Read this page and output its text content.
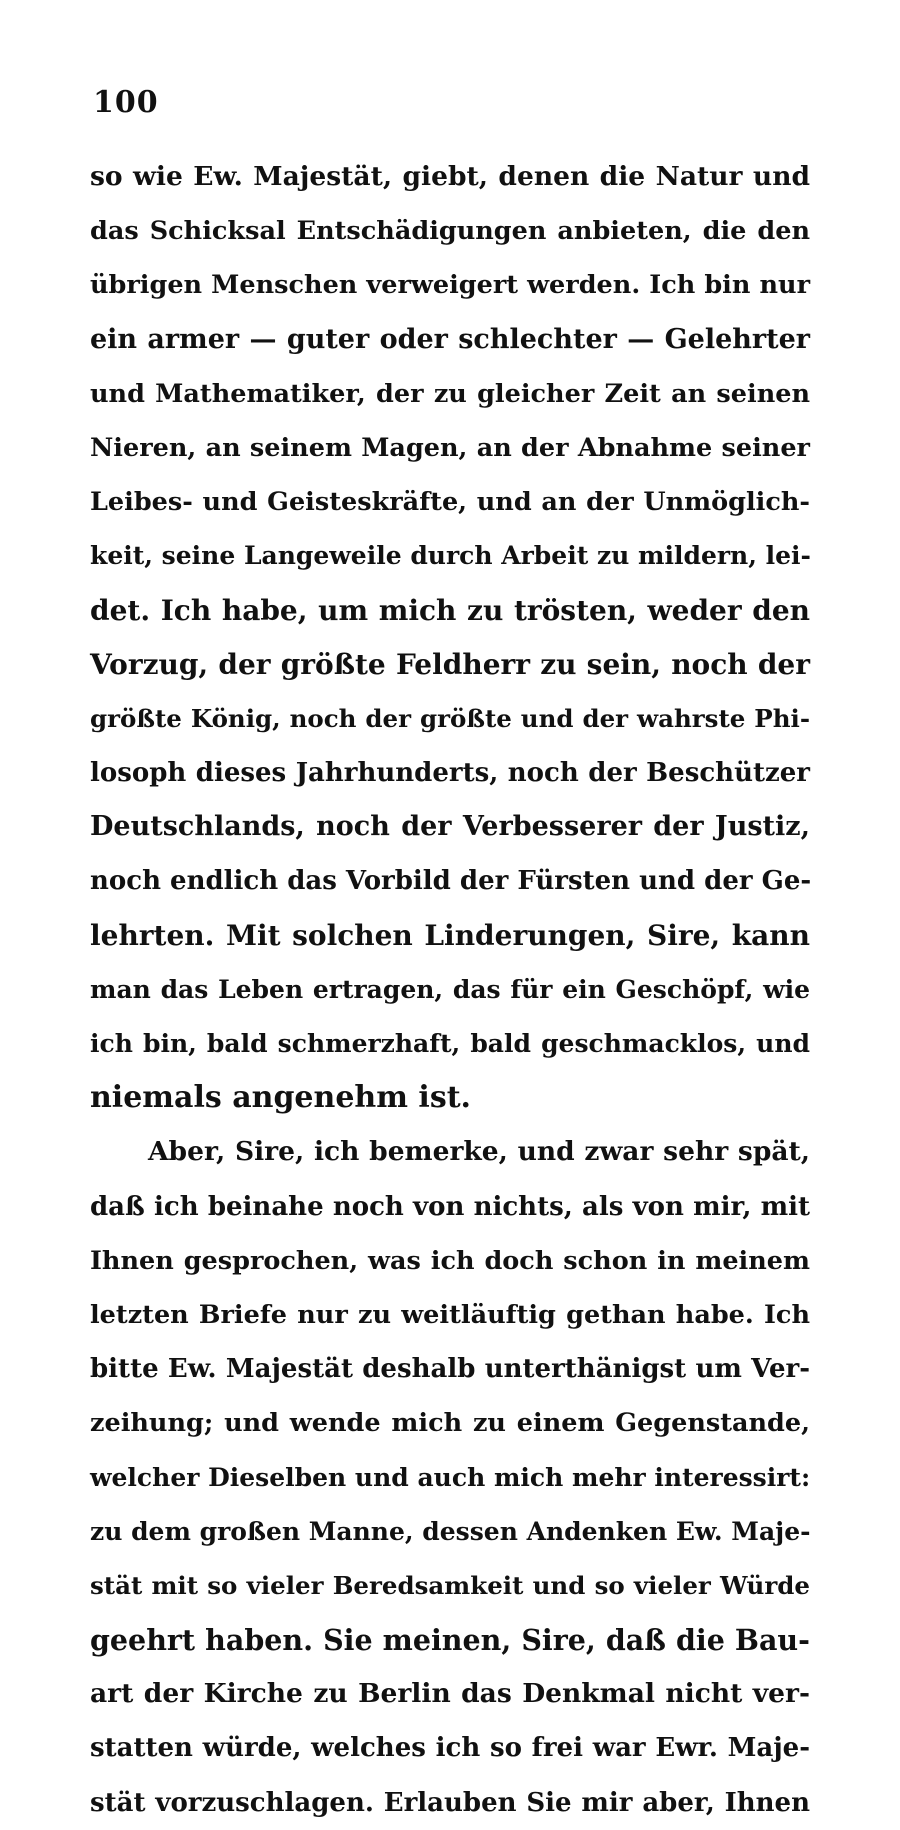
100
so wie Ew. Majestät, giebt, denen die Natur und
das Schicksal Entschädigungen anbieten, die den
übrigen Menschen verweigert werden. Ich bin nur
ein armer — guter oder schlechter — Gelehrter
und Mathematiker, der zu gleicher Zeit an seinen
Nieren, an seinem Magen, an der Abnahme seiner
Leibes- und Geisteskräfte, und an der Unmöglich-
keit, seine Langeweile durch Arbeit zu mildern, lei-
det. Ich habe, um mich zu trösten, weder den
Vorzug, der größte Feldherr zu sein, noch der
größte König, noch der größte und der wahrste Phi-
losoph dieses Jahrhunderts, noch der Beschützer
Deutschlands, noch der Verbesserer der Justiz,
noch endlich das Vorbild der Fürsten und der Ge-
lehrten. Mit solchen Linderungen, Sire, kann
man das Leben ertragen, das für ein Geschöpf, wie
ich bin, bald schmerzhaft, bald geschmacklos, und
niemals angenehm ist.
Aber, Sire, ich bemerke, und zwar sehr spät,
daß ich beinahe noch von nichts, als von mir, mit
Ihnen gesprochen, was ich doch schon in meinem
letzten Briefe nur zu weitläuftig gethan habe. Ich
bitte Ew. Majestät deshalb unterthänigst um Ver-
zeihung; und wende mich zu einem Gegenstande,
welcher Dieselben und auch mich mehr interessirt:
zu dem großen Manne, dessen Andenken Ew. Maje-
stät mit so vieler Beredsamkeit und so vieler Würde
geehrt haben. Sie meinen, Sire, daß die Bau-
art der Kirche zu Berlin das Denkmal nicht ver-
statten würde, welches ich so frei war Ewr. Maje-
stät vorzuschlagen. Erlauben Sie mir aber, Ihnen
